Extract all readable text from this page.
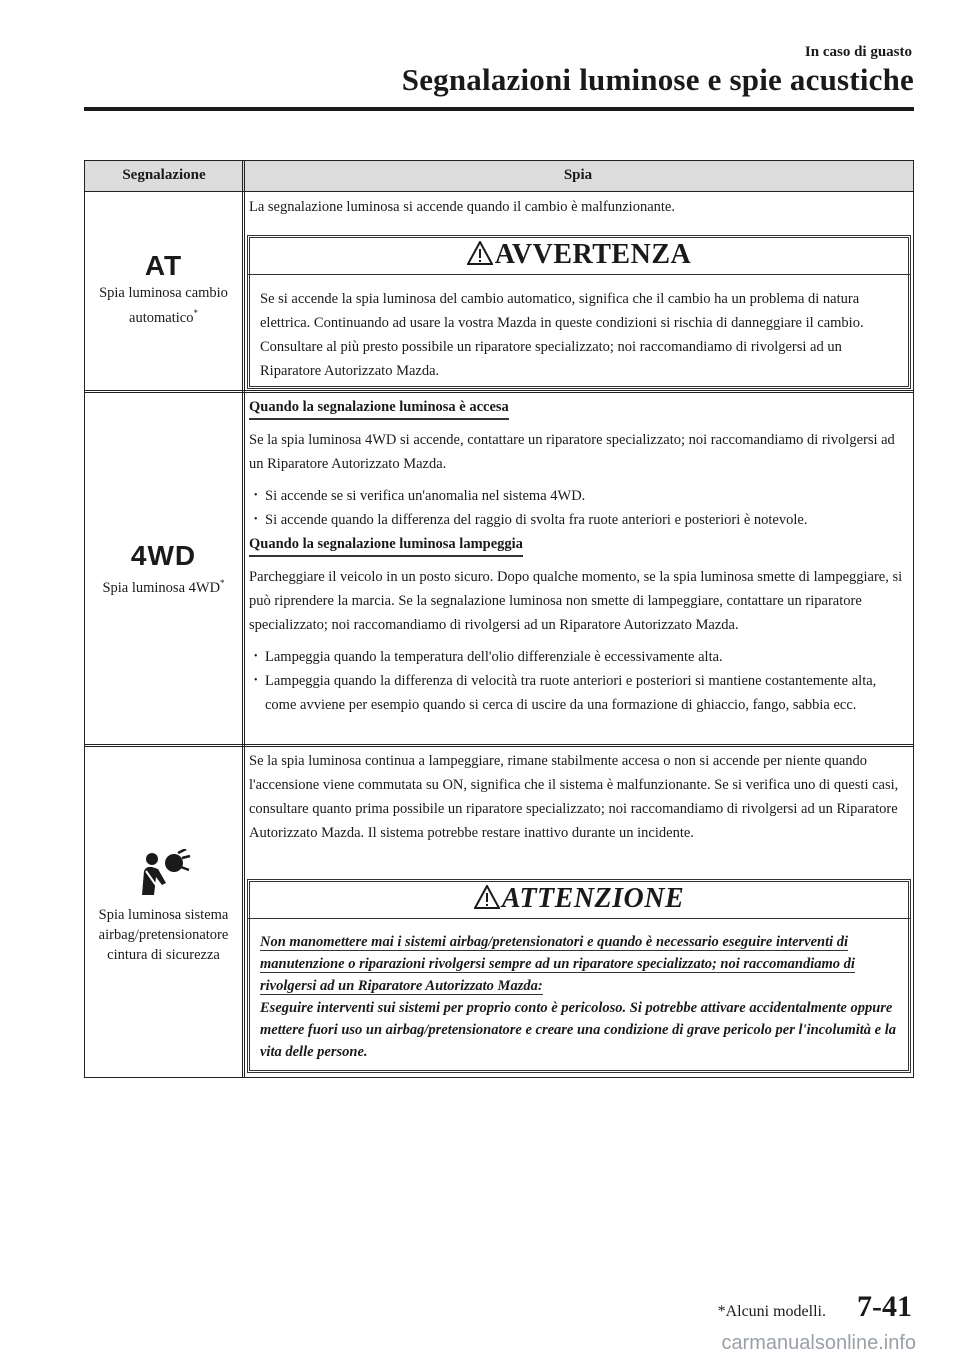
In caso di guasto
Segnalazioni luminose e spie acustiche
Segnalazione	Spia
AT
Spia luminosa cambio automatico*

La segnalazione luminosa si accende quando il cambio è malfunzionante.

AVVERTENZA
Se si accende la spia luminosa del cambio automatico, significa che il cambio ha un problema di natura elettrica. Continuando ad usare la vostra Mazda in queste condizioni si rischia di danneggiare il cambio. Consultare al più presto possibile un riparatore specializzato; noi raccomandiamo di rivolgersi ad un Riparatore Autorizzato Mazda.
4WD
Spia luminosa 4WD*
Quando la segnalazione luminosa è accesa

Se la spia luminosa 4WD si accende, contattare un riparatore specializzato; noi raccomandiamo di rivolgersi ad un Riparatore Autorizzato Mazda.

• Si accende se si verifica un'anomalia nel sistema 4WD.
• Si accende quando la differenza del raggio di svolta fra ruote anteriori e posteriori è notevole.
Quando la segnalazione luminosa lampeggia

Parcheggiare il veicolo in un posto sicuro. Dopo qualche momento, se la spia luminosa smette di lampeggiare, si può riprendere la marcia. Se la segnalazione luminosa non smette di lampeggiare, contattare un riparatore specializzato; noi raccomandiamo di rivolgersi ad un Riparatore Autorizzato Mazda.

• Lampeggia quando la temperatura dell'olio differenziale è eccessivamente alta.
• Lampeggia quando la differenza di velocità tra ruote anteriori e posteriori si mantiene costantemente alta, come avviene per esempio quando si cerca di uscire da una formazione di ghiaccio, fango, sabbia ecc.
Spia luminosa sistema airbag/pretensionatore cintura di sicurezza

Se la spia luminosa continua a lampeggiare, rimane stabilmente accesa o non si accende per niente quando l'accensione viene commutata su ON, significa che il sistema è malfunzionante. Se si verifica uno di questi casi, consultare quanto prima possibile un riparatore specializzato; noi raccomandiamo di rivolgersi ad un Riparatore Autorizzato Mazda. Il sistema potrebbe restare inattivo durante un incidente.

ATTENZIONE
Non manomettere mai i sistemi airbag/pretensionatori e quando è necessario eseguire interventi di manutenzione o riparazioni rivolgersi sempre ad un riparatore specializzato; noi raccomandiamo di rivolgersi ad un Riparatore Autorizzato Mazda:
Eseguire interventi sui sistemi per proprio conto è pericoloso. Si potrebbe attivare accidentalmente oppure mettere fuori uso un airbag/pretensionatore e creare una condizione di grave pericolo per l'incolumità e la vita delle persone.
*Alcuni modelli. 7-41
carmanualsonline.info
